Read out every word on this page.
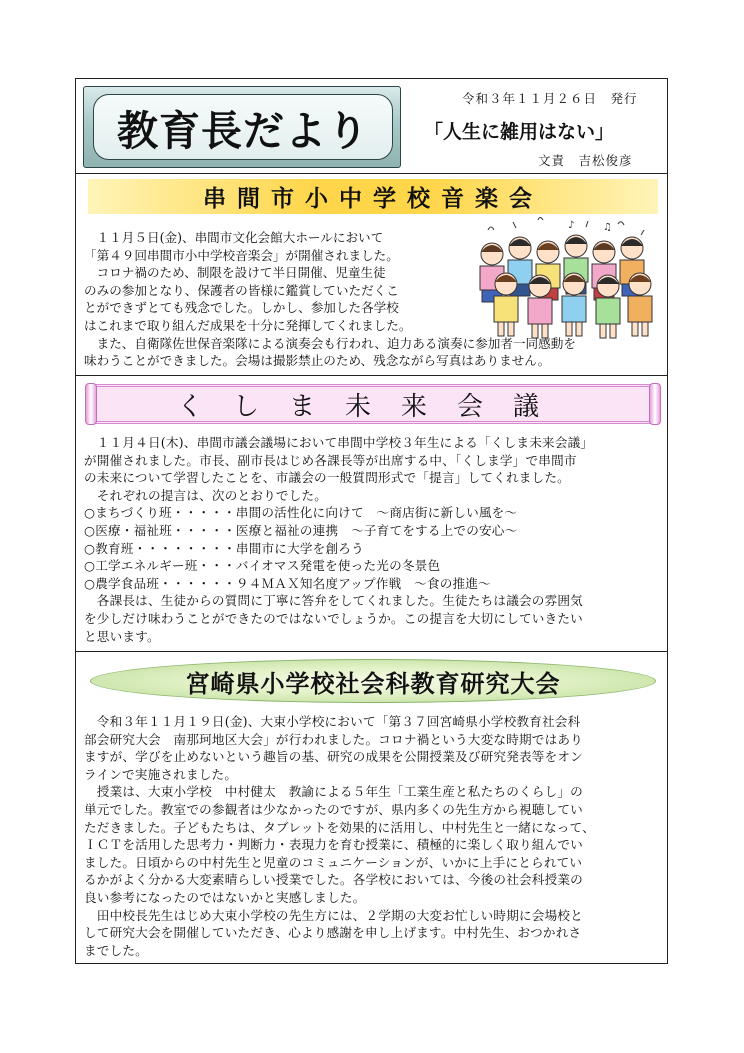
教育長だより
令和３年１１月２６日　発行
「人生に雑用はない」
文責　吉松俊彦
串間市小中学校音楽会
♪	♫

　１１月５日(金)、串間市文化会館大ホールにおいて

「第４９回串間市小中学校音楽会」が開催されました。

　コロナ禍のため、制限を設けて半日開催、児童生徒

のみの参加となり、保護者の皆様に鑑賞していただくこ

とができずとても残念でした。しかし、参加した各学校

はこれまで取り組んだ成果を十分に発揮してくれました。

　また、自衛隊佐世保音楽隊による演奏会も行われ、迫力ある演奏に参加者一同感動を

味わうことができました。会場は撮影禁止のため、残念ながら写真はありません。

くしま未来会議

　１１月４日(木)、串間市議会議場において串間中学校３年生による「くしま未来会議」

が開催されました。市長、副市長はじめ各課長等が出席する中、「くしま学」で串間市

の未来について学習したことを、市議会の一般質問形式で「提言」してくれました。

　それぞれの提言は、次のとおりでした。

○まちづくり班・・・・・串間の活性化に向けて　～商店街に新しい風を～

○医療・福祉班・・・・・医療と福祉の連携　～子育てをする上での安心～

○教育班・・・・・・・・串間市に大学を創ろう

○工学エネルギー班・・・バイオマス発電を使った光の冬景色

○農学食品班・・・・・・９４ＭＡＸ知名度アップ作戦　～食の推進～

　各課長は、生徒からの質問に丁寧に答弁をしてくれました。生徒たちは議会の雰囲気

を少しだけ味わうことができたのではないでしょうか。この提言を大切にしていきたい

と思います。

宮崎県小学校社会科教育研究大会

　令和３年１１月１９日(金)、大束小学校において「第３７回宮崎県小学校教育社会科

部会研究大会　南那珂地区大会」が行われました。コロナ禍という大変な時期ではあり

ますが、学びを止めないという趣旨の基、研究の成果を公開授業及び研究発表等をオン

ラインで実施されました。

　授業は、大束小学校　中村健太　教諭による５年生「工業生産と私たちのくらし」の

単元でした。教室での参観者は少なかったのですが、県内多くの先生方から視聴してい

ただきました。子どもたちは、タブレットを効果的に活用し、中村先生と一緒になって、

ＩＣＴを活用した思考力・判断力・表現力を育む授業に、積極的に楽しく取り組んでい

ました。日頃からの中村先生と児童のコミュニケーションが、いかに上手にとられてい

るかがよく分かる大変素晴らしい授業でした。各学校においては、今後の社会科授業の

良い参考になったのではないかと実感しました。

　田中校長先生はじめ大束小学校の先生方には、２学期の大変お忙しい時期に会場校と

して研究大会を開催していただき、心より感謝を申し上げます。中村先生、おつかれさ

までした。
